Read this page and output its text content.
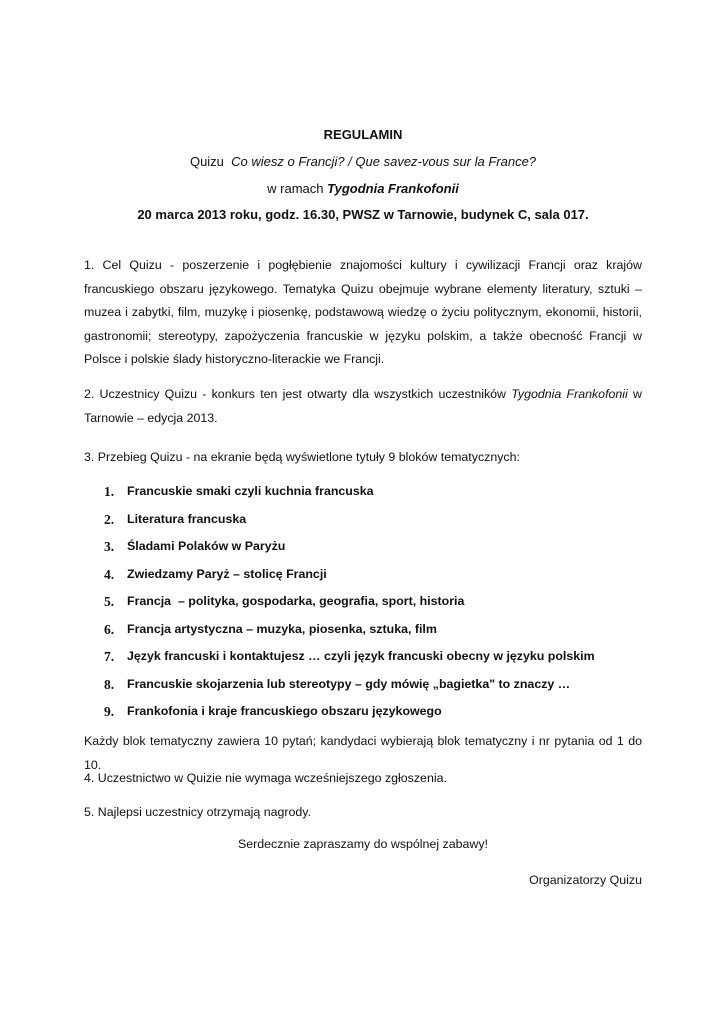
REGULAMIN
Quizu  Co wiesz o Francji? / Que savez-vous sur la France?
w ramach Tygodnia Frankofonii
20 marca 2013 roku, godz. 16.30, PWSZ w Tarnowie, budynek C, sala 017.

1. Cel Quizu - poszerzenie i pogłębienie znajomości kultury i cywilizacji Francji oraz krajów francuskiego obszaru językowego. Tematyka Quizu obejmuje wybrane elementy literatury, sztuki – muzea i zabytki, film, muzykę i piosenkę, podstawową wiedzę o życiu politycznym, ekonomii, historii, gastronomii; stereotypy, zapożyczenia francuskie w języku polskim, a także obecność Francji w Polsce i polskie ślady historyczno-literackie we Francji.

2. Uczestnicy Quizu - konkurs ten jest otwarty dla wszystkich uczestników Tygodnia Frankofonii w Tarnowie – edycja 2013.

3. Przebieg Quizu - na ekranie będą wyświetlone tytuły 9 bloków tematycznych:

1. Francuskie smaki czyli kuchnia francuska
2. Literatura francuska
3. Śladami Polaków w Paryżu
4. Zwiedzamy Paryż – stolicę Francji
5. Francja  – polityka, gospodarka, geografia, sport, historia
6. Francja artystyczna – muzyka, piosenka, sztuka, film
7. Język francuski i kontaktujesz … czyli język francuski obecny w języku polskim
8. Francuskie skojarzenia lub stereotypy – gdy mówię „bagietka" to znaczy …
9. Frankofonia i kraje francuskiego obszaru językowego

Każdy blok tematyczny zawiera 10 pytań; kandydaci wybierają blok tematyczny i nr pytania od 1 do 10.

4. Uczestnictwo w Quizie nie wymaga wcześniejszego zgłoszenia.

5. Najlepsi uczestnicy otrzymają nagrody.

Serdecznie zapraszamy do wspólnej zabawy!
Organizatorzy Quizu
